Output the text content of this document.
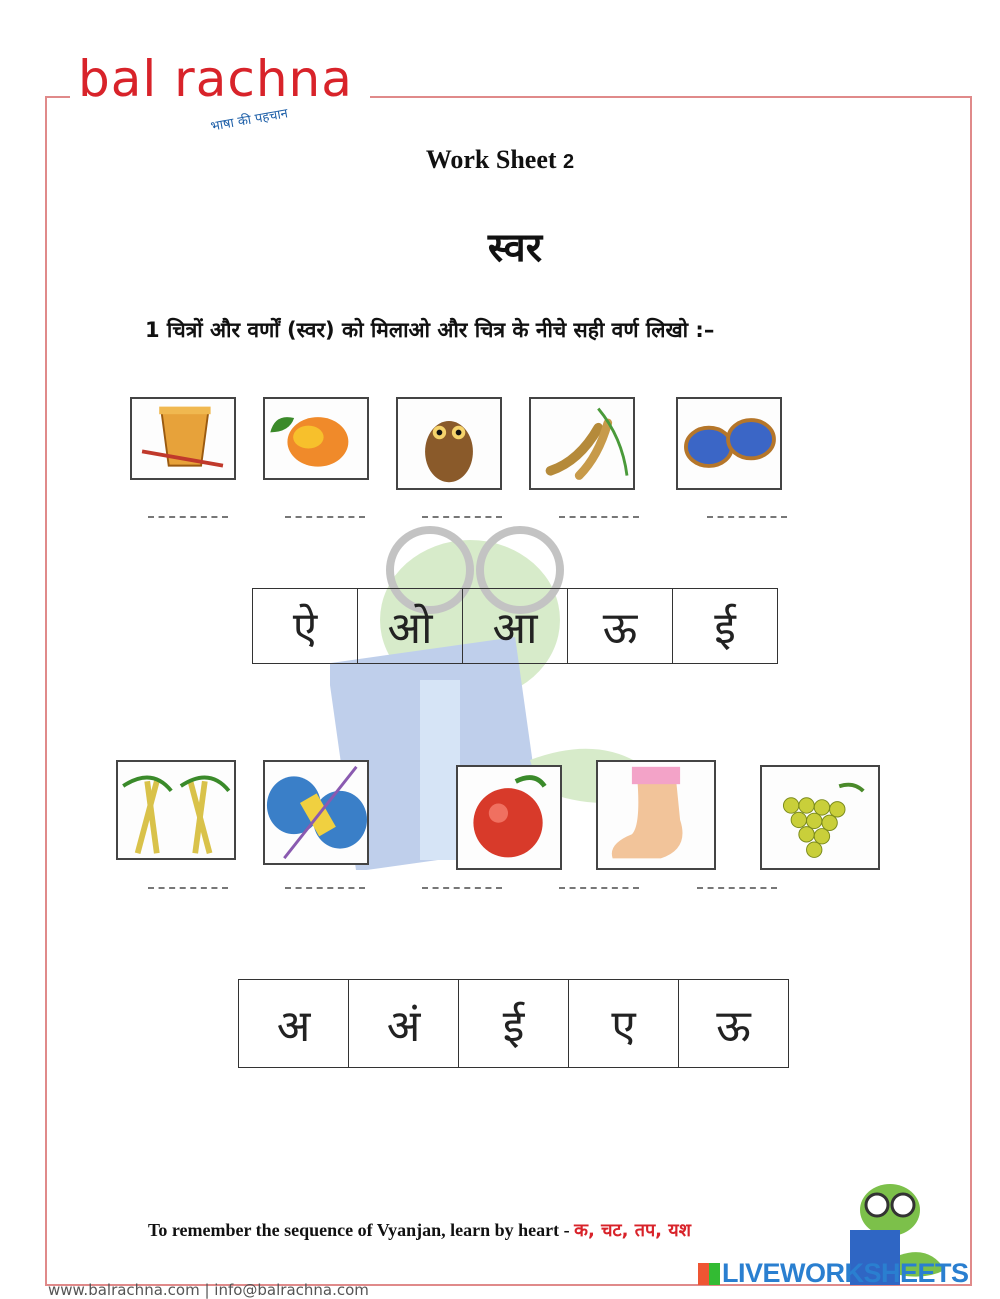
bal rachna
भाषा की पहचान
Work Sheet 2
स्वर
1 चित्रों और वर्णों (स्वर) को मिलाओ और चित्र के नीचे सही वर्ण लिखो :–
ऐ	ओ	आ	ऊ	ई
अ	अं	ई	ए	ऊ
To remember the sequence of Vyanjan, learn by heart - क, चट, तप, यश
www.balrachna.com | info@balrachna.com
LIVEWORKSHEETS
